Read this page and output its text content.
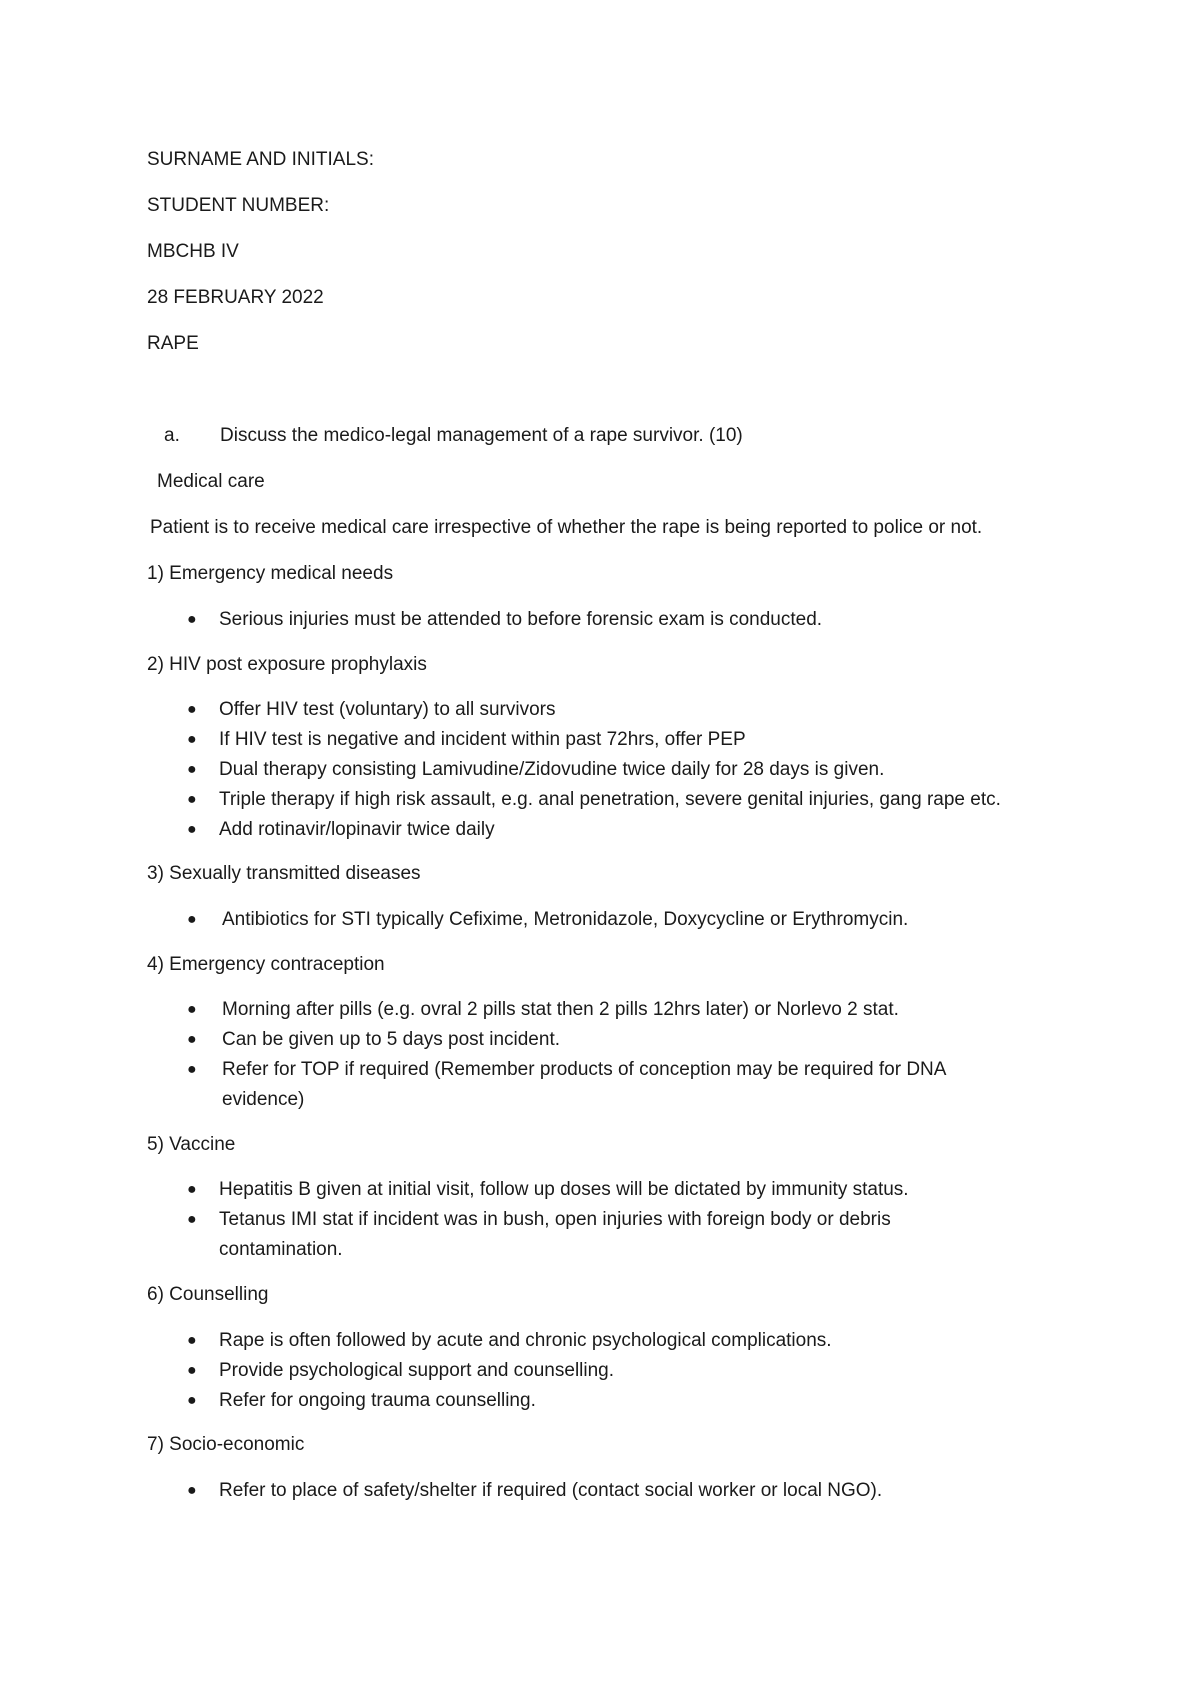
SURNAME AND INITIALS:
STUDENT NUMBER:
MBCHB IV
28 FEBRUARY 2022
RAPE
a. Discuss the medico-legal management of a rape survivor. (10)
Medical care
Patient is to receive medical care irrespective of whether the rape is being reported to police or not.
1) Emergency medical needs
● Serious injuries must be attended to before forensic exam is conducted.
2) HIV post exposure prophylaxis
● Offer HIV test (voluntary) to all survivors
● If HIV test is negative and incident within past 72hrs, offer PEP
● Dual therapy consisting Lamivudine/Zidovudine twice daily for 28 days is given.
● Triple therapy if high risk assault, e.g. anal penetration, severe genital injuries, gang rape etc.
● Add rotinavir/lopinavir twice daily
3) Sexually transmitted diseases
● Antibiotics for STI typically Cefixime, Metronidazole, Doxycycline or Erythromycin.
4) Emergency contraception
● Morning after pills (e.g. ovral 2 pills stat then 2 pills 12hrs later) or Norlevo 2 stat.
● Can be given up to 5 days post incident.
● Refer for TOP if required (Remember products of conception may be required for DNA evidence)
5) Vaccine
● Hepatitis B given at initial visit, follow up doses will be dictated by immunity status.
● Tetanus IMI stat if incident was in bush, open injuries with foreign body or debris contamination.
6) Counselling
● Rape is often followed by acute and chronic psychological complications.
● Provide psychological support and counselling.
● Refer for ongoing trauma counselling.
7) Socio-economic
● Refer to place of safety/shelter if required (contact social worker or local NGO).
